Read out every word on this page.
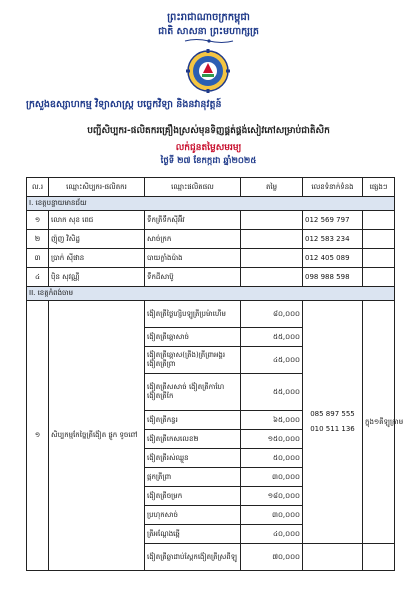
ព្រះរាជាណាចក្រកម្ពុជា
ជាតិ សាសនា ព្រះមហាក្សត្រ
ក្រសួងឧស្សាហកម្ម វិទ្យាសាស្ត្រ បច្ចេកវិទ្យា និងនវានុវត្តន៍
បញ្ជីសិប្បករ-ផលិតករគ្រឿងស្រស់មុនទិញផ្គត់ផ្គង់សៀវភៅសម្រាប់ជាតិសិក
លក់ជូនតម្លៃសមរម្យ
ថ្ងៃទី ២៧ ខែកក្កដា ឆ្នាំ២០២៥
ល.រ	ឈ្មោះសិប្បករ-ផលិតករ	ឈ្មោះផលិតផល	តម្លៃ	លេខទំនាក់ទំនង	ផ្សេងៗ
I. ខេត្តបន្ទាយមានជ័យ					
១	លោក សុខ ពេជ	ទឹកត្រីទឹកស៊ីអ៊ីវ		012 569 797	
២	ញ៉ុញ វិសិដ្ឋ	សាច់ក្រក		012 583 234	
៣	ប្រាក់ សុីផាន	បាយក្លាំងប៉ាង		012 405 089	
៤	ប៉ិន សុវណ្ណី	ទឹកដីសាប៊ូ		098 988 598	
II. ខេត្តកំពង់ចាម					
១	សិប្បកម្មកែច្នៃត្រីង៉ៀត ផ្លូក ទូចពៅ	ង៉ៀតត្រីថ្ងៃហ្សិបឡូត្រីប្រម៉ាហើម	៨០,០០០	085 897 555
010 511 136	ក្នុង១គីឡូក្រាម
		ង៉ៀតត្រីឆ្ពោសាច់	៥៥,០០០		
		ង៉ៀតត្រីឆ្ពោស(ត្រីង)ត្រីព្រាអង្គរ ង៉ៀតត្រីព្រា	៤៥,០០០		
		ង៉ៀតត្រីសសាច់ ង៉ៀតត្រីកាហែ ង៉ៀតត្រីកែ	៥៥,០០០		
		ង៉ៀតត្រីកន្ធរ	៦៥,០០០		
		ង៉ៀតត្រីកេសលេខ២	១៥០,០០០		
		ង៉ៀតត្រីរស់ឈ្លួន	៥០,០០០		
		ផ្អកត្រីព្រា	៣០,០០០		
		ង៉ៀតត្រីចម្រក	១៨០,០០០		
		ប្រហុកសាច់	៣០,០០០		
		ត្រីអណ្ដែងឆ្អើ	៤០,០០០		
		ង៉ៀតត្រីឆ្លាដាប់ស្ពែកង៉ៀតត្រីស្រពីឡូ	៧០,០០០		
